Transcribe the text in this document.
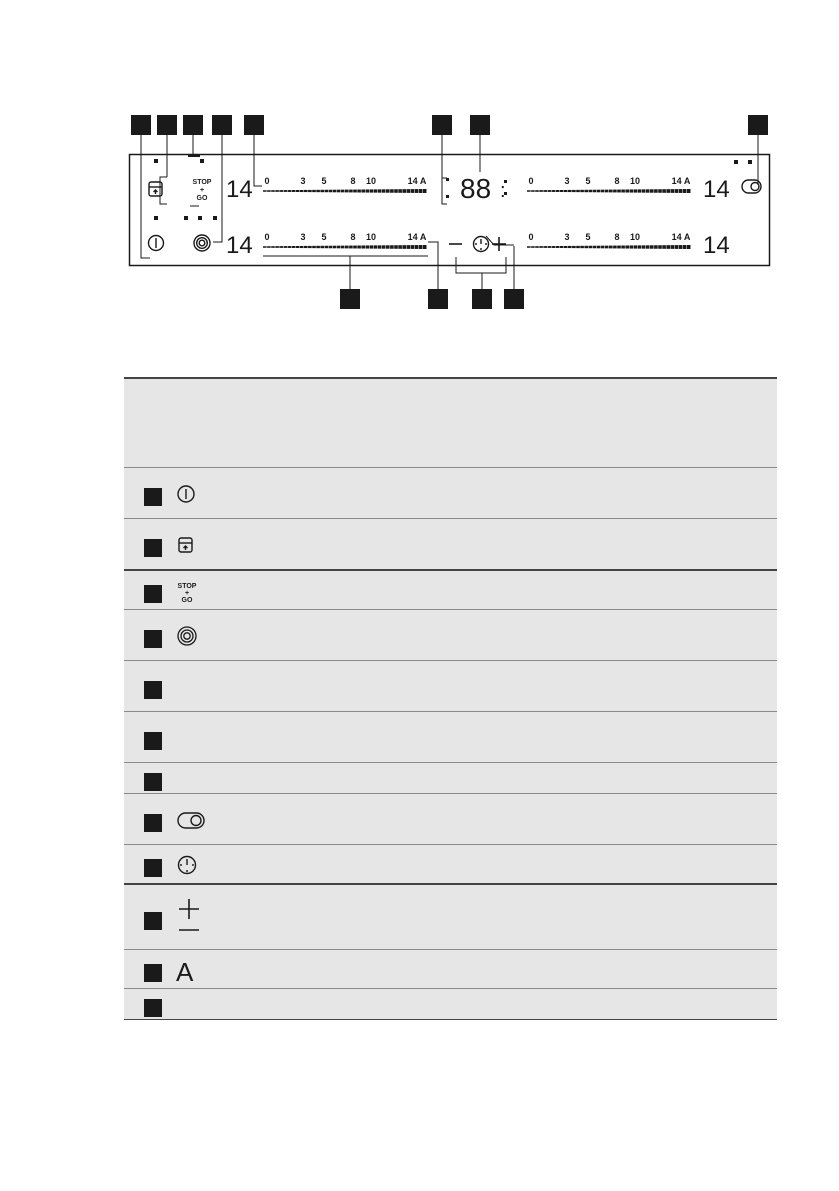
STOP
+
GO 14
14
14
14
88 :
0	3 5	8 10	14 A
0	3 5	8 10	14 A
0	3 5	8 10	14 A
0	3 5	8 10	14 A

	STOP
+
GO	

	A	
